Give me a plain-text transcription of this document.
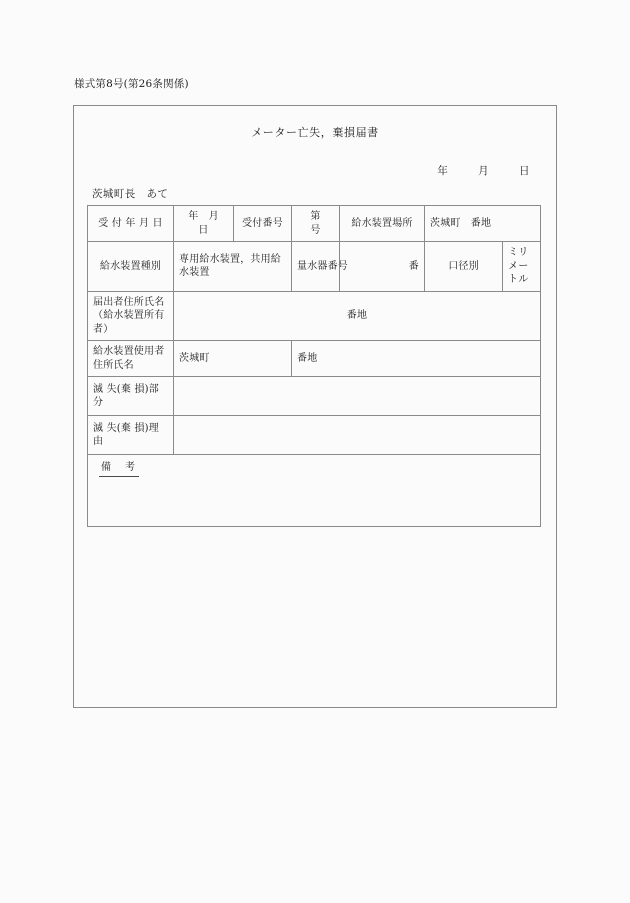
様式第8号(第26条関係)
メーター亡失，棄損届書
年	月	日
茨城町長　あて
受 付 年 月 日	年　月　日	受付番号	第　　号	給水装置場所	茨城町　番地	
給水装置種別	専用給水装置，共用給水装置		量水器番号	番	口径別	ミリメートル
届出者住所氏名（給水装置所有者）	番地					
給水装置使用者住所氏名	茨城町		番地			
滅 失(棄 損)部分						
滅 失(棄 損)理由						
備　考						
